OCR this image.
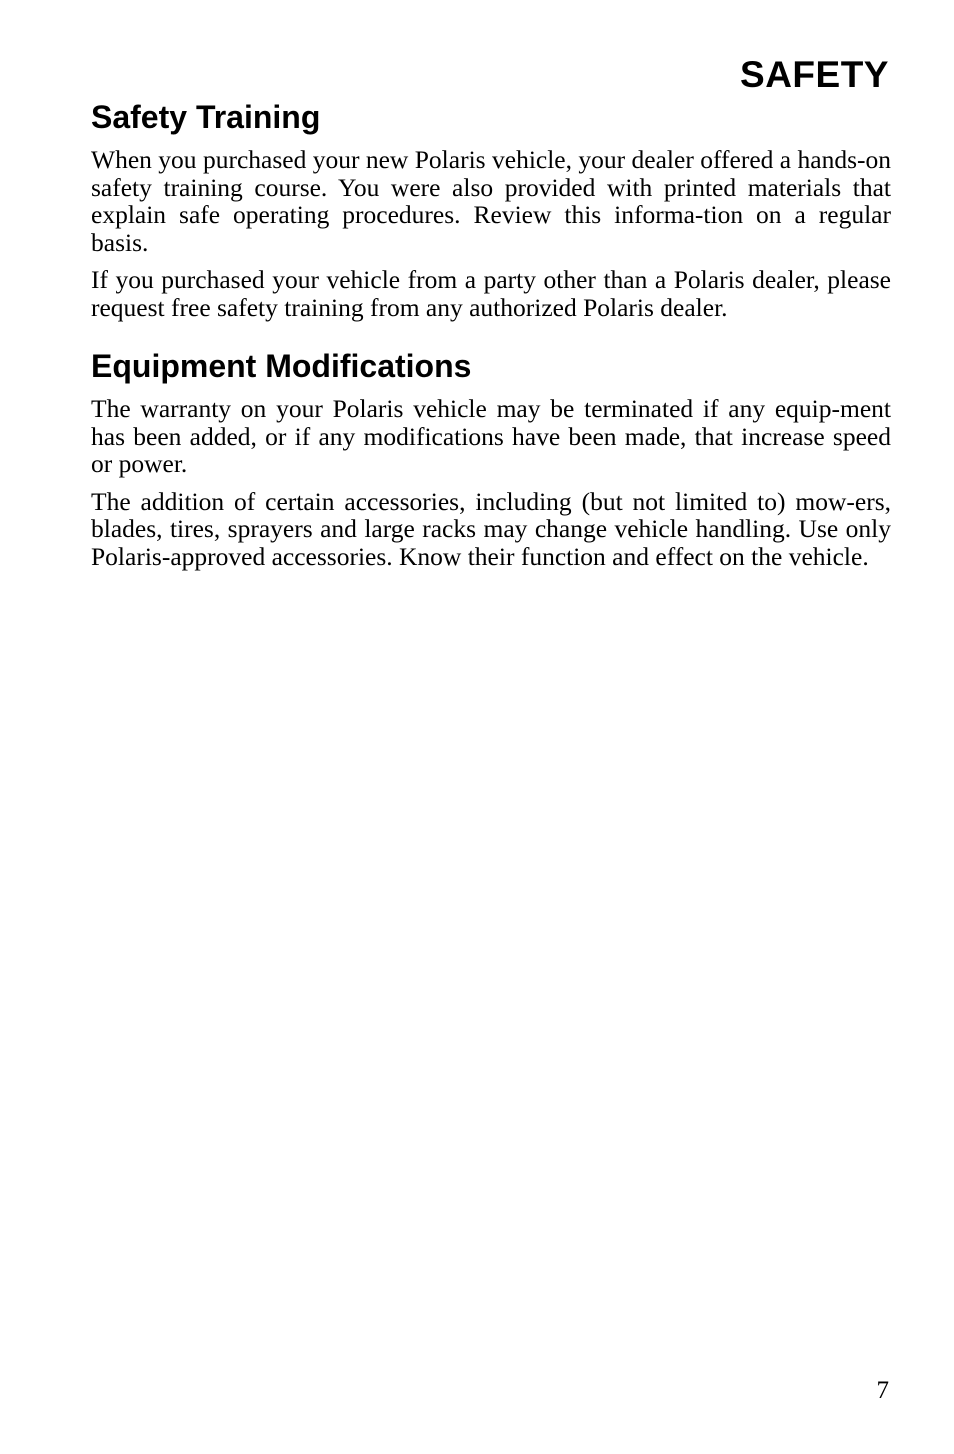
SAFETY
Safety Training

When you purchased your new Polaris vehicle, your dealer offered a hands-on safety training course. You were also provided with printed materials that explain safe operating procedures. Review this informa-tion on a regular basis.

If you purchased your vehicle from a party other than a Polaris dealer, please request free safety training from any authorized Polaris dealer.

Equipment Modifications

The warranty on your Polaris vehicle may be terminated if any equip-ment has been added, or if any modifications have been made, that increase speed or power.

The addition of certain accessories, including (but not limited to) mow-ers, blades, tires, sprayers and large racks may change vehicle handling. Use only Polaris-approved accessories. Know their function and effect on the vehicle.

7
